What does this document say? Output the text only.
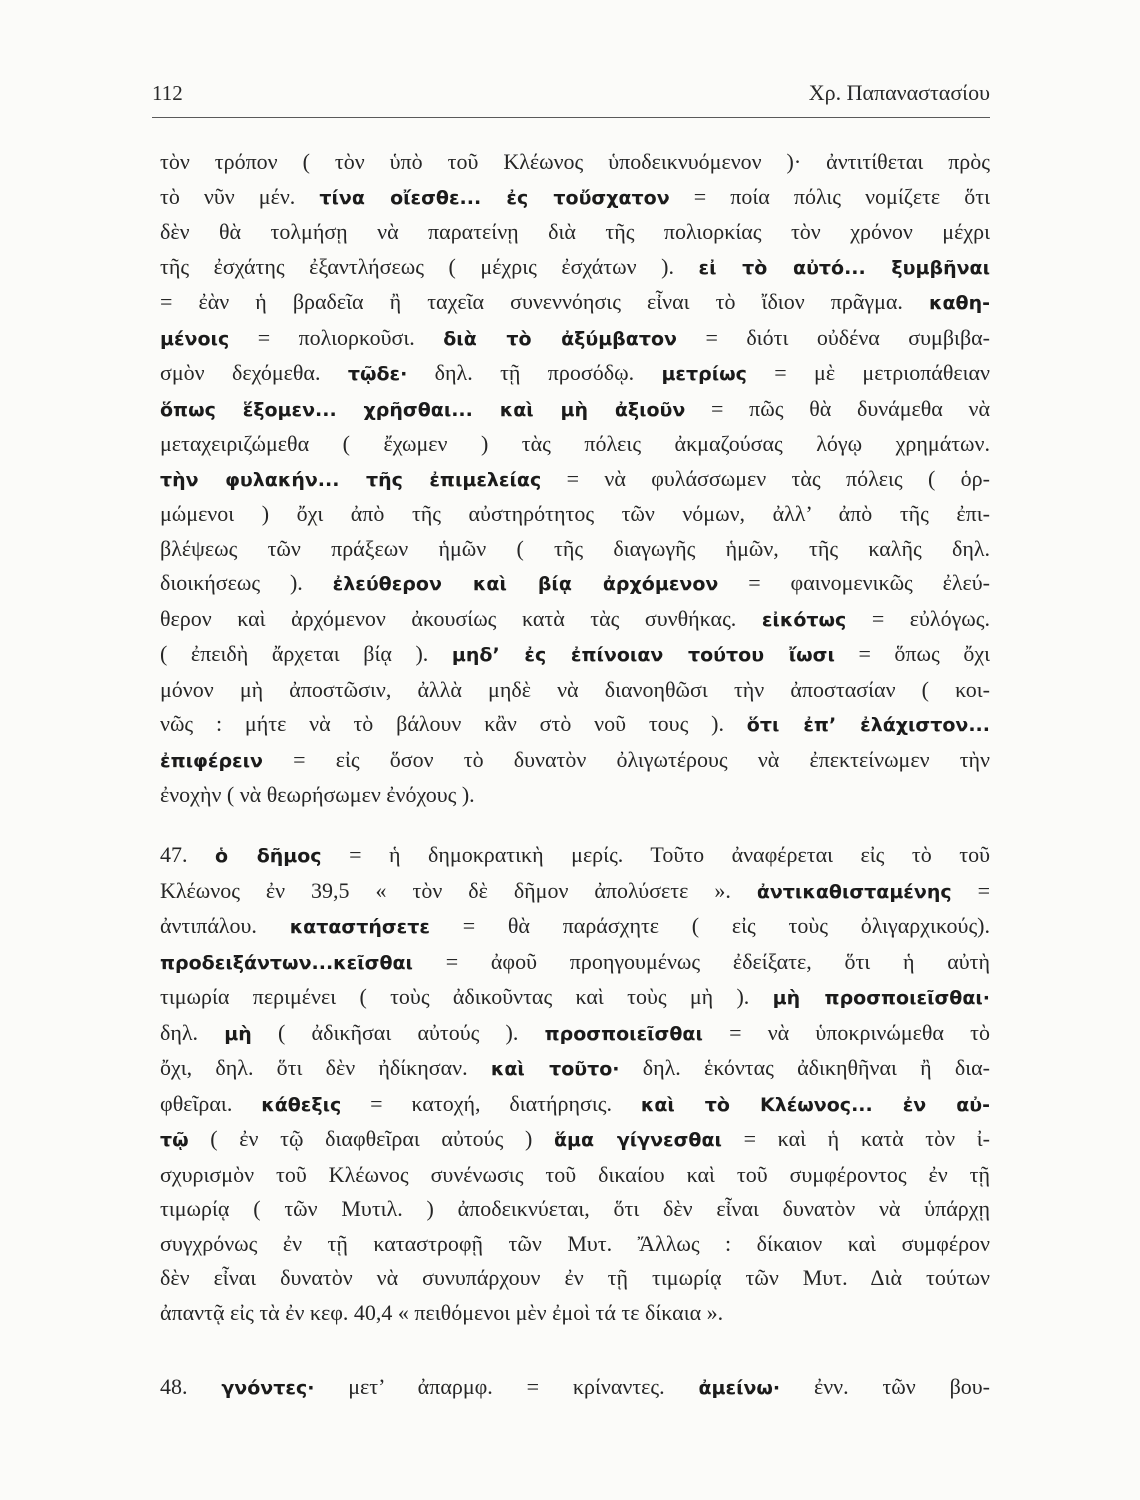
112	Χρ. Παπαναστασίου
τὸν τρόπον ( τὸν ὑπὸ τοῦ Κλέωνος ὑποδεικνυόμενον )· ἀντιτίθεται πρὸς
τὸ νῦν μέν. τίνα οἴεσθε... ἐς τοὔσχατον = ποία πόλις νομίζετε ὅτι
δὲν θὰ τολμήσῃ νὰ παρατείνῃ διὰ τῆς πολιορκίας τὸν χρόνον μέχρι
τῆς ἐσχάτης ἐξαντλήσεως ( μέχρις ἐσχάτων ). εἰ τὸ αὐτό... ξυμβῆναι
= ἐὰν ἡ βραδεῖα ἢ ταχεῖα συνεννόησις εἶναι τὸ ἴδιον πρᾶγμα. καθη-
μένοις = πολιορκοῦσι. διὰ τὸ ἀξύμβατον = διότι οὐδένα συμβιβα-
σμὸν δεχόμεθα. τῷδε· δηλ. τῇ προσόδῳ. μετρίως = μὲ μετριοπάθειαν
ὅπως ἕξομεν... χρῆσθαι... καὶ μὴ ἀξιοῦν = πῶς θὰ δυνάμεθα νὰ
μεταχειριζώμεθα ( ἔχωμεν ) τὰς πόλεις ἀκμαζούσας λόγῳ χρημάτων.
τὴν φυλακήν... τῆς ἐπιμελείας = νὰ φυλάσσωμεν τὰς πόλεις ( ὁρ-
μώμενοι ) ὄχι ἀπὸ τῆς αὐστηρότητος τῶν νόμων, ἀλλ’ ἀπὸ τῆς ἐπι-
βλέψεως τῶν πράξεων ἡμῶν ( τῆς διαγωγῆς ἡμῶν, τῆς καλῆς δηλ.
διοικήσεως ). ἐλεύθερον καὶ βίᾳ ἀρχόμενον = φαινομενικῶς ἐλεύ-
θερον καὶ ἀρχόμενον ἀκουσίως κατὰ τὰς συνθήκας. εἰκότως = εὐλόγως.
( ἐπειδὴ ἄρχεται βίᾳ ). μηδ’ ἐς ἐπίνοιαν τούτου ἴωσι = ὅπως ὄχι
μόνον μὴ ἀποστῶσιν, ἀλλὰ μηδὲ νὰ διανοηθῶσι τὴν ἀποστασίαν ( κοι-
νῶς : μήτε νὰ τὸ βάλουν κἂν στὸ νοῦ τους ). ὅτι ἐπ’ ἐλάχιστον...
ἐπιφέρειν = εἰς ὅσον τὸ δυνατὸν ὀλιγωτέρους νὰ ἐπεκτείνωμεν τὴν
ἐνοχὴν ( νὰ θεωρήσωμεν ἐνόχους ).
47. ὁ δῆμος = ἡ δημοκρατικὴ μερίς. Τοῦτο ἀναφέρεται εἰς τὸ τοῦ
Κλέωνος ἐν 39,5 « τὸν δὲ δῆμον ἀπολύσετε ». ἀντικαθισταμένης =
ἀντιπάλου. καταστήσετε = θὰ παράσχητε ( εἰς τοὺς ὀλιγαρχικούς).
προδειξάντων...κεῖσθαι = ἀφοῦ προηγουμένως ἐδείξατε, ὅτι ἡ αὐτὴ
τιμωρία περιμένει ( τοὺς ἀδικοῦντας καὶ τοὺς μὴ ). μὴ προσποιεῖσθαι·
δηλ. μὴ ( ἀδικῆσαι αὐτούς ). προσποιεῖσθαι = νὰ ὑποκρινώμεθα τὸ
ὄχι, δηλ. ὅτι δὲν ἠδίκησαν. καὶ τοῦτο· δηλ. ἑκόντας ἀδικηθῆναι ἢ δια-
φθεῖραι. κάθεξις = κατοχή, διατήρησις. καὶ τὸ Κλέωνος... ἐν αὐ-
τῷ ( ἐν τῷ διαφθεῖραι αὐτούς ) ἅμα γίγνεσθαι = καὶ ἡ κατὰ τὸν ἰ-
σχυρισμὸν τοῦ Κλέωνος συνένωσις τοῦ δικαίου καὶ τοῦ συμφέροντος ἐν τῇ
τιμωρίᾳ ( τῶν Μυτιλ. ) ἀποδεικνύεται, ὅτι δὲν εἶναι δυνατὸν νὰ ὑπάρχῃ
συγχρόνως ἐν τῇ καταστροφῇ τῶν Μυτ. Ἄλλως : δίκαιον καὶ συμφέρον
δὲν εἶναι δυνατὸν νὰ συνυπάρχουν ἐν τῇ τιμωρίᾳ τῶν Μυτ. Διὰ τούτων
ἀπαντᾷ εἰς τὰ ἐν κεφ. 40,4 « πειθόμενοι μὲν ἐμοὶ τά τε δίκαια ».
48. γνόντες· μετ’ ἀπαρμφ. = κρίναντες. ἀμείνω· ἐνν. τῶν βου-
